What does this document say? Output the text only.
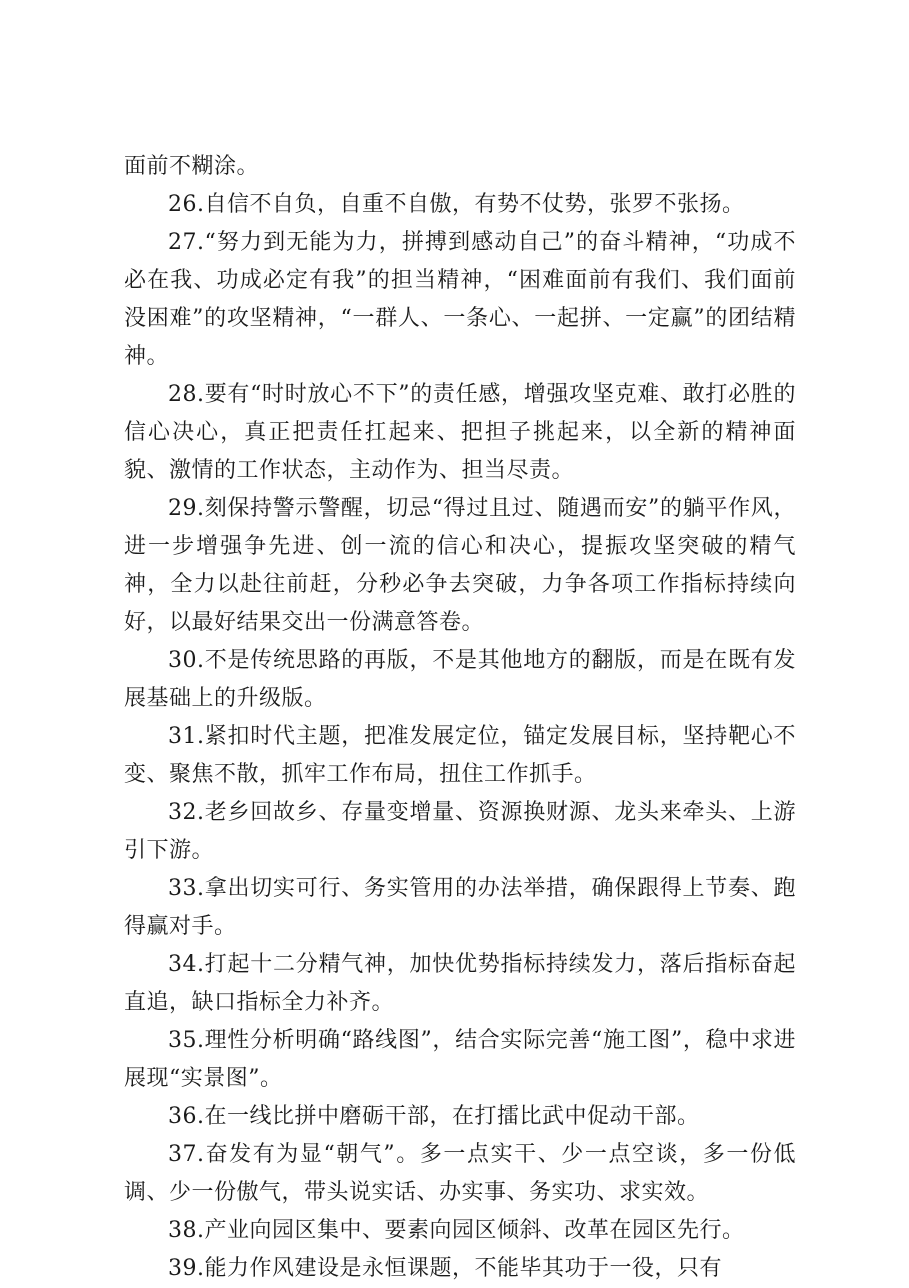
面前不糊涂。

26.自信不自负，自重不自傲，有势不仗势，张罗不张扬。

27.“努力到无能为力，拼搏到感动自己”的奋斗精神，“功成不必在我、功成必定有我”的担当精神，“困难面前有我们、我们面前没困难”的攻坚精神，“一群人、一条心、一起拼、一定赢”的团结精神。

28.要有“时时放心不下”的责任感，增强攻坚克难、敢打必胜的信心决心，真正把责任扛起来、把担子挑起来，以全新的精神面貌、激情的工作状态，主动作为、担当尽责。

29.刻保持警示警醒，切忌“得过且过、随遇而安”的躺平作风，进一步增强争先进、创一流的信心和决心，提振攻坚突破的精气神，全力以赴往前赶，分秒必争去突破，力争各项工作指标持续向好，以最好结果交出一份满意答卷。

30.不是传统思路的再版，不是其他地方的翻版，而是在既有发展基础上的升级版。

31.紧扣时代主题，把准发展定位，锚定发展目标，坚持靶心不变、聚焦不散，抓牢工作布局，扭住工作抓手。

32.老乡回故乡、存量变增量、资源换财源、龙头来牵头、上游引下游。

33.拿出切实可行、务实管用的办法举措，确保跟得上节奏、跑得赢对手。

34.打起十二分精气神，加快优势指标持续发力，落后指标奋起直追，缺口指标全力补齐。

35.理性分析明确“路线图”，结合实际完善“施工图”，稳中求进展现“实景图”。

36.在一线比拼中磨砺干部，在打擂比武中促动干部。

37.奋发有为显“朝气”。多一点实干、少一点空谈，多一份低调、少一份傲气，带头说实话、办实事、务实功、求实效。

38.产业向园区集中、要素向园区倾斜、改革在园区先行。

39.能力作风建设是永恒课题，不能毕其功于一役，只有
